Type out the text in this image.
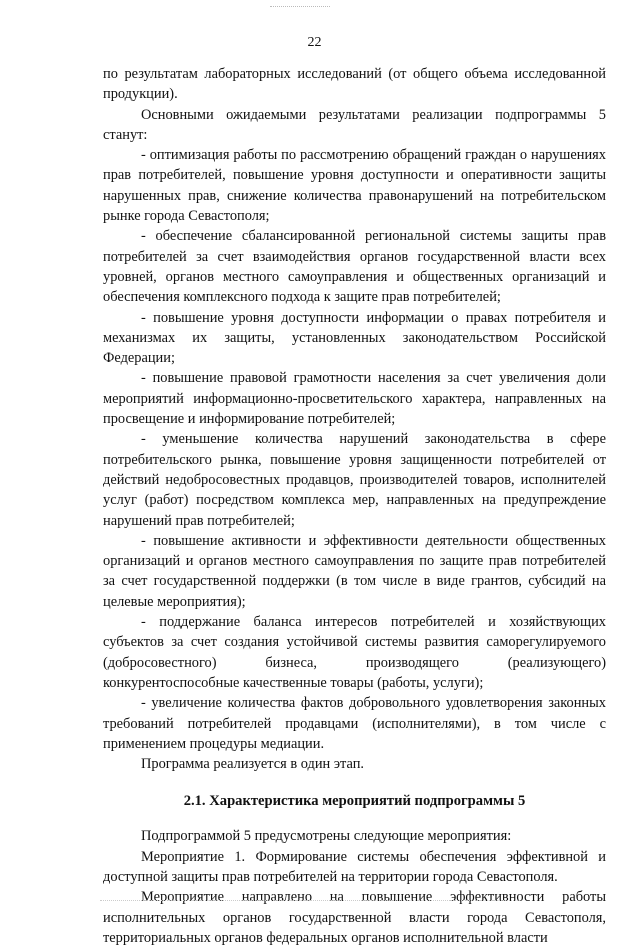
22

по результатам лабораторных исследований (от общего объема исследованной продукции).

Основными ожидаемыми результатами реализации подпрограммы 5 станут:

- оптимизация работы по рассмотрению обращений граждан о нарушениях прав потребителей, повышение уровня доступности и оперативности защиты нарушенных прав, снижение количества правонарушений на потребительском рынке города Севастополя;

- обеспечение сбалансированной региональной системы защиты прав потребителей за счет взаимодействия органов государственной власти всех уровней, органов местного самоуправления и общественных организаций и обеспечения комплексного подхода к защите прав потребителей;

- повышение уровня доступности информации о правах потребителя и механизмах их защиты, установленных законодательством Российской Федерации;

- повышение правовой грамотности населения за счет увеличения доли мероприятий информационно-просветительского характера, направленных на просвещение и информирование потребителей;

- уменьшение количества нарушений законодательства в сфере потребительского рынка, повышение уровня защищенности потребителей от действий недобросовестных продавцов, производителей товаров, исполнителей услуг (работ) посредством комплекса мер, направленных на предупреждение нарушений прав потребителей;

- повышение активности и эффективности деятельности общественных организаций и органов местного самоуправления по защите прав потребителей за счет государственной поддержки (в том числе в виде грантов, субсидий на целевые мероприятия);

- поддержание баланса интересов потребителей и хозяйствующих субъектов за счет создания устойчивой системы развития саморегулируемого (добросовестного) бизнеса, производящего (реализующего) конкурентоспособные качественные товары (работы, услуги);

- увеличение количества фактов добровольного удовлетворения законных требований потребителей продавцами (исполнителями), в том числе с применением процедуры медиации.

Программа реализуется в один этап.

2.1. Характеристика мероприятий подпрограммы 5

Подпрограммой 5 предусмотрены следующие мероприятия:

Мероприятие 1. Формирование системы обеспечения эффективной и доступной защиты прав потребителей на территории города Севастополя.

Мероприятие направлено на повышение эффективности работы исполнительных органов государственной власти города Севастополя, территориальных органов федеральных органов исполнительной власти
